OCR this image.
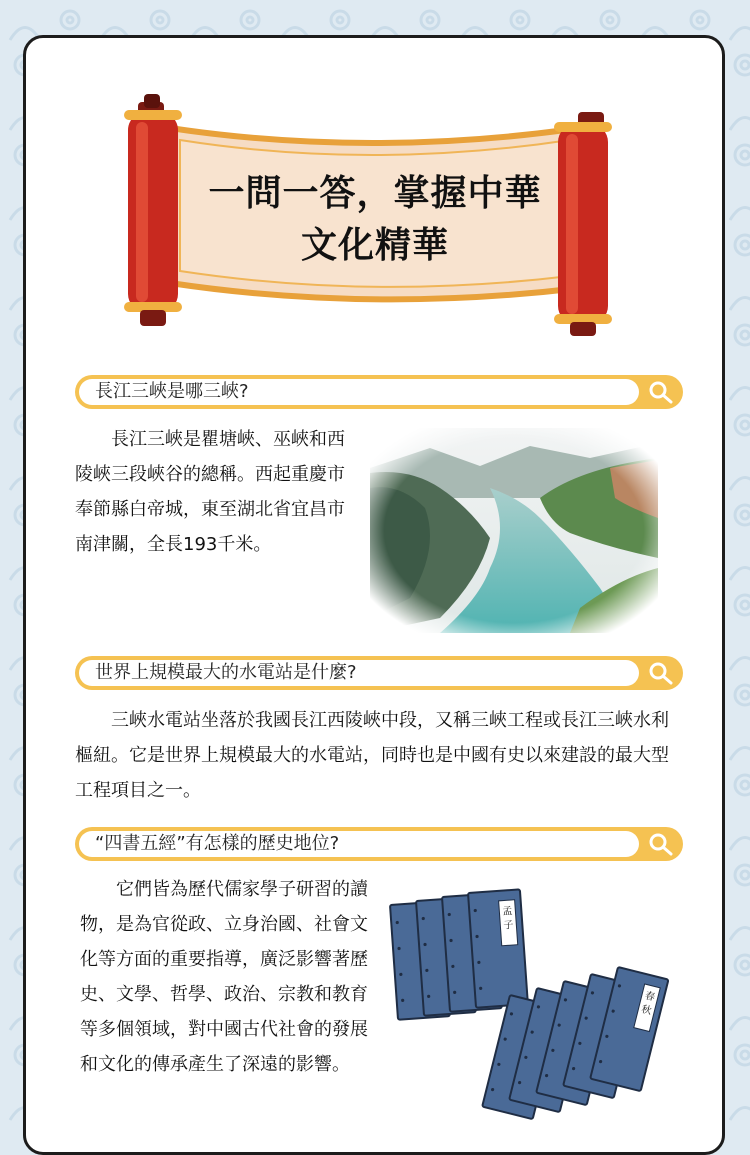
一問一答，掌握中華
文化精華
長江三峽是哪三峽?

長江三峽是瞿塘峽、巫峽和西陵峽三段峽谷的總稱。西起重慶市奉節縣白帝城，東至湖北省宜昌市南津關，全長193千米。

世界上規模最大的水電站是什麼?

三峽水電站坐落於我國長江西陵峽中段，又稱三峽工程或長江三峽水利樞紐。它是世界上規模最大的水電站，同時也是中國有史以來建設的最大型工程項目之一。

“四書五經”有怎樣的歷史地位?

它們皆為歷代儒家學子研習的讀物，是為官從政、立身治國、社會文化等方面的重要指導，廣泛影響著歷史、文學、哲學、政治、宗教和教育等多個領域，對中國古代社會的發展和文化的傳承產生了深遠的影響。

孟子
春秋
